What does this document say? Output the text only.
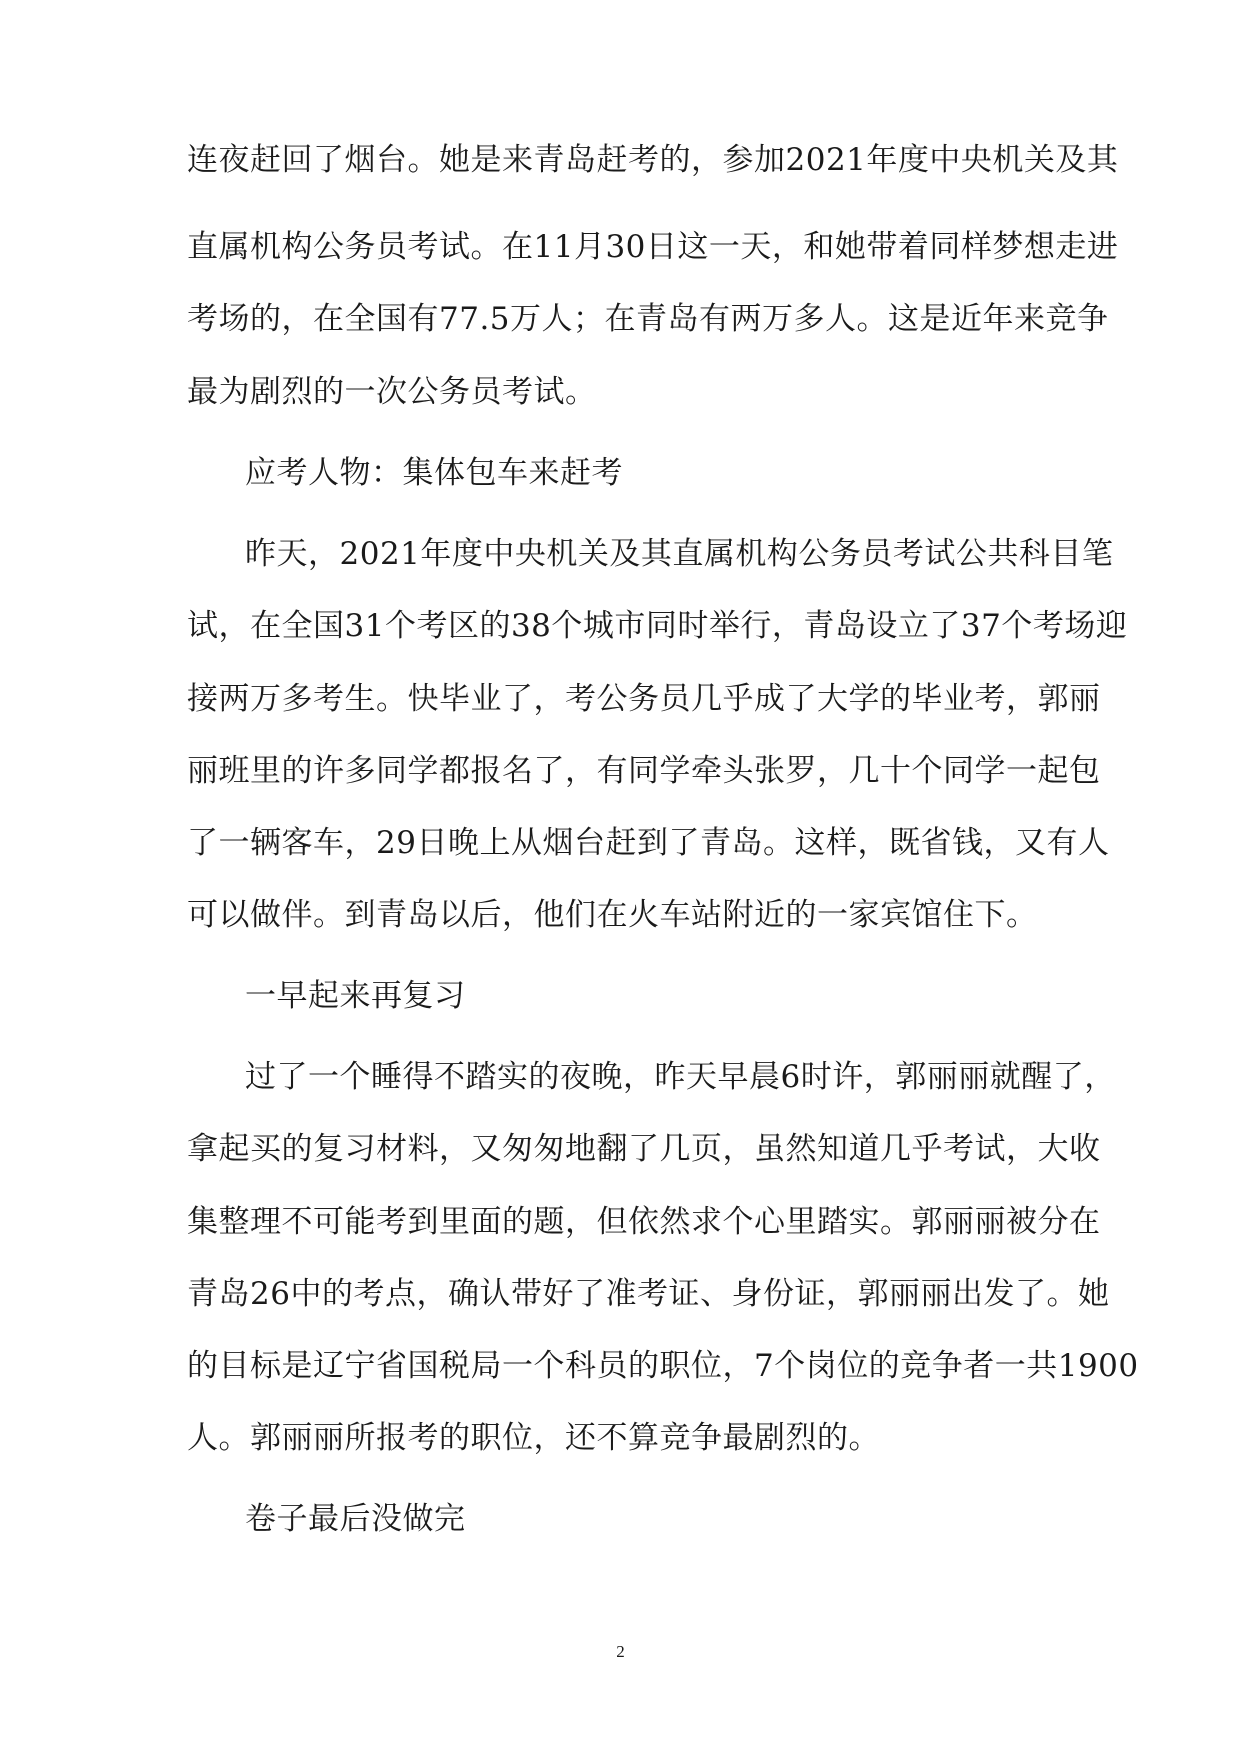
连夜赶回了烟台。她是来青岛赶考的，参加2021年度中央机关及其
直属机构公务员考试。在11月30日这一天，和她带着同样梦想走进
考场的，在全国有77.5万人；在青岛有两万多人。这是近年来竞争
最为剧烈的一次公务员考试。
应考人物：集体包车来赶考
昨天，2021年度中央机关及其直属机构公务员考试公共科目笔
试，在全国31个考区的38个城市同时举行，青岛设立了37个考场迎
接两万多考生。快毕业了，考公务员几乎成了大学的毕业考，郭丽
丽班里的许多同学都报名了，有同学牵头张罗，几十个同学一起包
了一辆客车，29日晚上从烟台赶到了青岛。这样，既省钱，又有人
可以做伴。到青岛以后，他们在火车站附近的一家宾馆住下。
一早起来再复习
过了一个睡得不踏实的夜晚，昨天早晨6时许，郭丽丽就醒了，
拿起买的复习材料，又匆匆地翻了几页，虽然知道几乎考试，大收
集整理不可能考到里面的题，但依然求个心里踏实。郭丽丽被分在
青岛26中的考点，确认带好了准考证、身份证，郭丽丽出发了。她
的目标是辽宁省国税局一个科员的职位，7个岗位的竞争者一共1900
人。郭丽丽所报考的职位，还不算竞争最剧烈的。
卷子最后没做完
2
